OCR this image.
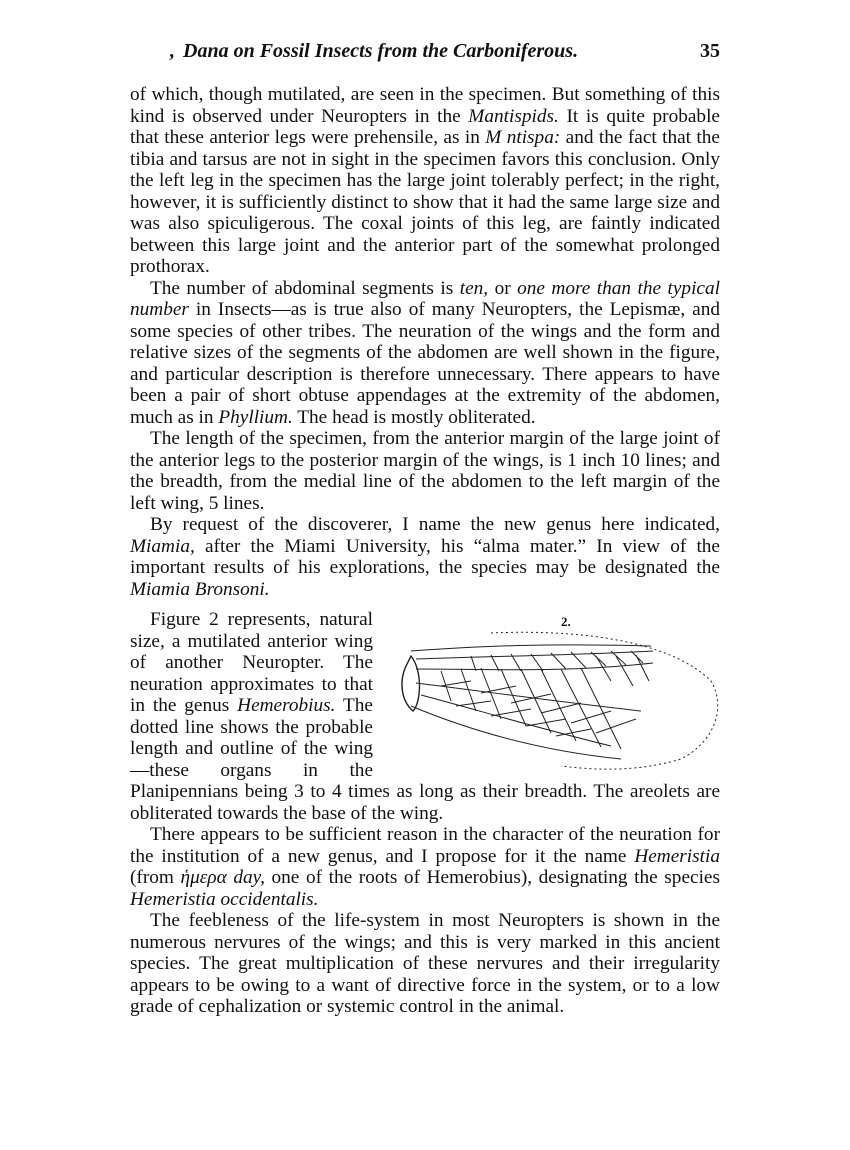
, Dana on Fossil Insects from the Carboniferous.	35

of which, though mutilated, are seen in the specimen. But something of this kind is observed under Neuropters in the Mantispids. It is quite probable that these anterior legs were prehensile, as in M ntispa: and the fact that the tibia and tarsus are not in sight in the specimen favors this conclusion. Only the left leg in the specimen has the large joint tolerably perfect; in the right, however, it is sufficiently distinct to show that it had the same large size and was also spiculigerous. The coxal joints of this leg, are faintly indicated between this large joint and the anterior part of the somewhat prolonged prothorax.

The number of abdominal segments is ten, or one more than the typical number in Insects—as is true also of many Neuropters, the Lepismæ, and some species of other tribes. The neuration of the wings and the form and relative sizes of the segments of the abdomen are well shown in the figure, and particular description is therefore unnecessary. There appears to have been a pair of short obtuse appendages at the extremity of the abdomen, much as in Phyllium. The head is mostly obliterated.

The length of the specimen, from the anterior margin of the large joint of the anterior legs to the posterior margin of the wings, is 1 inch 10 lines; and the breadth, from the medial line of the abdomen to the left margin of the left wing, 5 lines.

By request of the discoverer, I name the new genus here indicated, Miamia, after the Miami University, his “alma mater.” In view of the important results of his explorations, the species may be designated the Miamia Bronsoni.

2.
Figure 2 represents, natural size, a mutilated anterior wing of another Neuropter. The neuration approximates to that in the genus Hemerobius. The dotted line shows the probable length and outline of the wing—these organs in the Planipennians being 3 to 4 times as long as their breadth. The areolets are obliterated towards the base of the wing.

There appears to be sufficient reason in the character of the neuration for the institution of a new genus, and I propose for it the name Hemeristia (from ἡμερα day, one of the roots of Hemerobius), designating the species Hemeristia occidentalis.

The feebleness of the life-system in most Neuropters is shown in the numerous nervures of the wings; and this is very marked in this ancient species. The great multiplication of these nervures and their irregularity appears to be owing to a want of directive force in the system, or to a low grade of cephalization or systemic control in the animal.
